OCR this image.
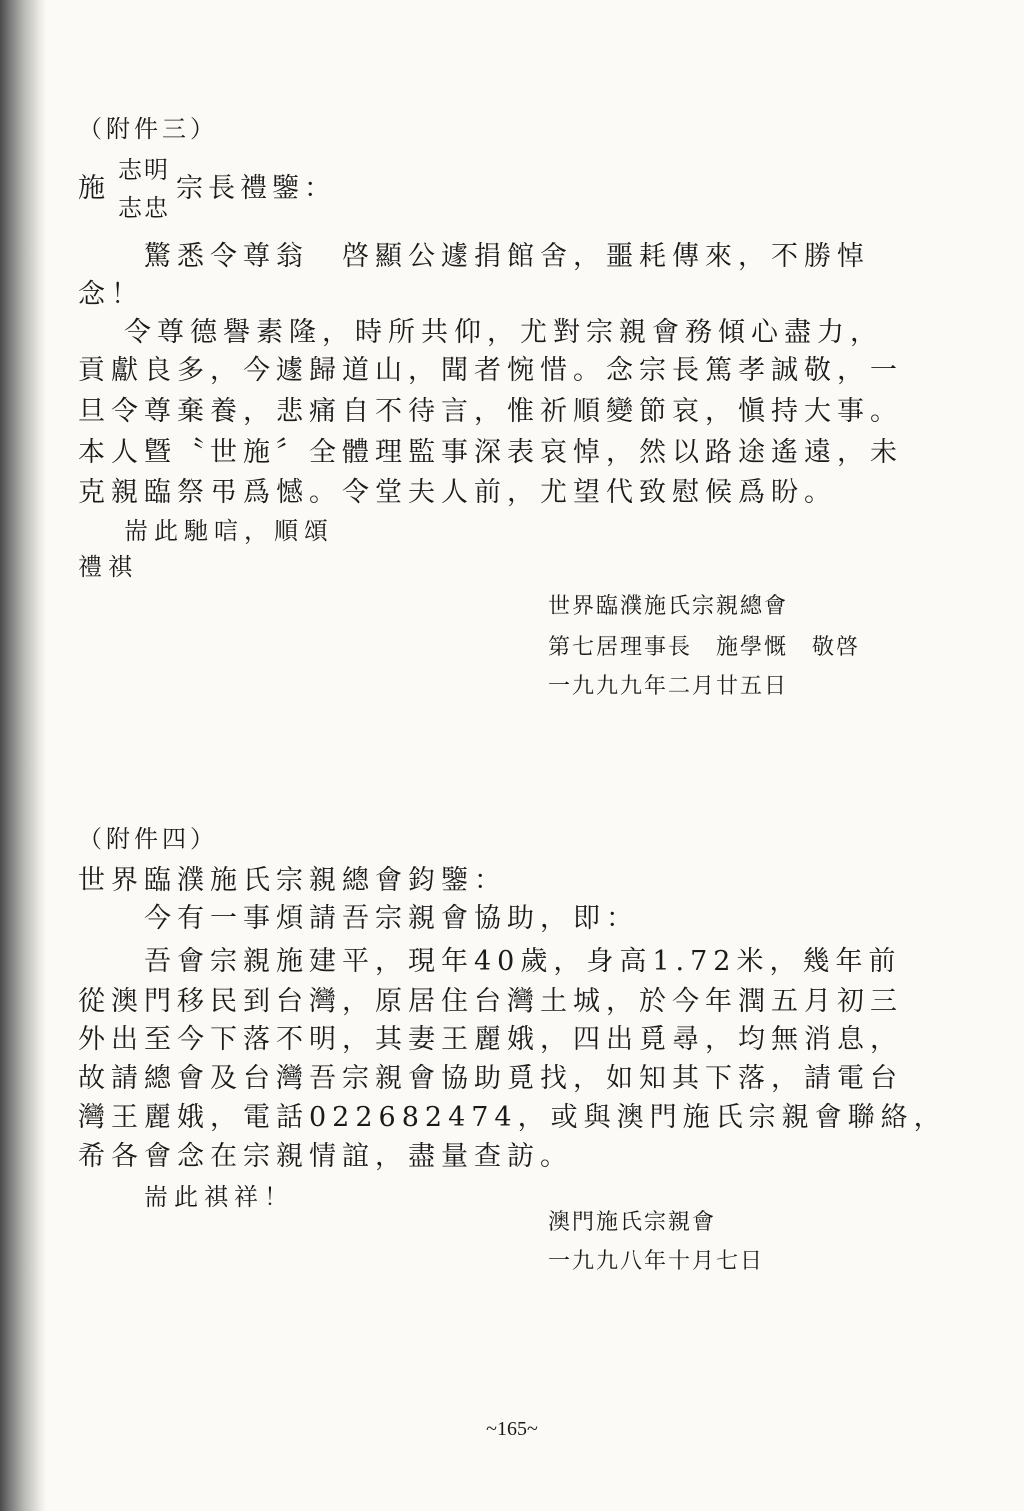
（附件三）
施
志明
志忠
宗長禮鑒：
驚悉令尊翁　啓顯公遽捐館舍，噩耗傳來，不勝悼
念！
令尊德譽素隆，時所共仰，尤對宗親會務傾心盡力，
貢獻良多，今遽歸道山，聞者惋惜。念宗長篤孝誠敬，一
旦令尊棄養，悲痛自不待言，惟祈順變節哀，愼持大事。
本人曁〝世施〞全體理監事深表哀悼，然以路途遙遠，未
克親臨祭弔爲憾。令堂夫人前，尤望代致慰候爲盼。
耑此馳唁，順頌
禮祺
世界臨濮施氏宗親總會
第七居理事長　施學慨　敬啓
一九九九年二月廿五日
（附件四）
世界臨濮施氏宗親總會鈞鑒：
今有一事煩請吾宗親會協助，即：
吾會宗親施建平，現年40歲，身高1.72米，幾年前
從澳門移民到台灣，原居住台灣土城，於今年潤五月初三
外出至今下落不明，其妻王麗娥，四出覓尋，均無消息，
故請總會及台灣吾宗親會協助覓找，如知其下落，請電台
灣王麗娥，電話022682474，或與澳門施氏宗親會聯絡，
希各會念在宗親情誼，盡量查訪。
耑此祺祥！
澳門施氏宗親會
一九九八年十月七日
~165~
